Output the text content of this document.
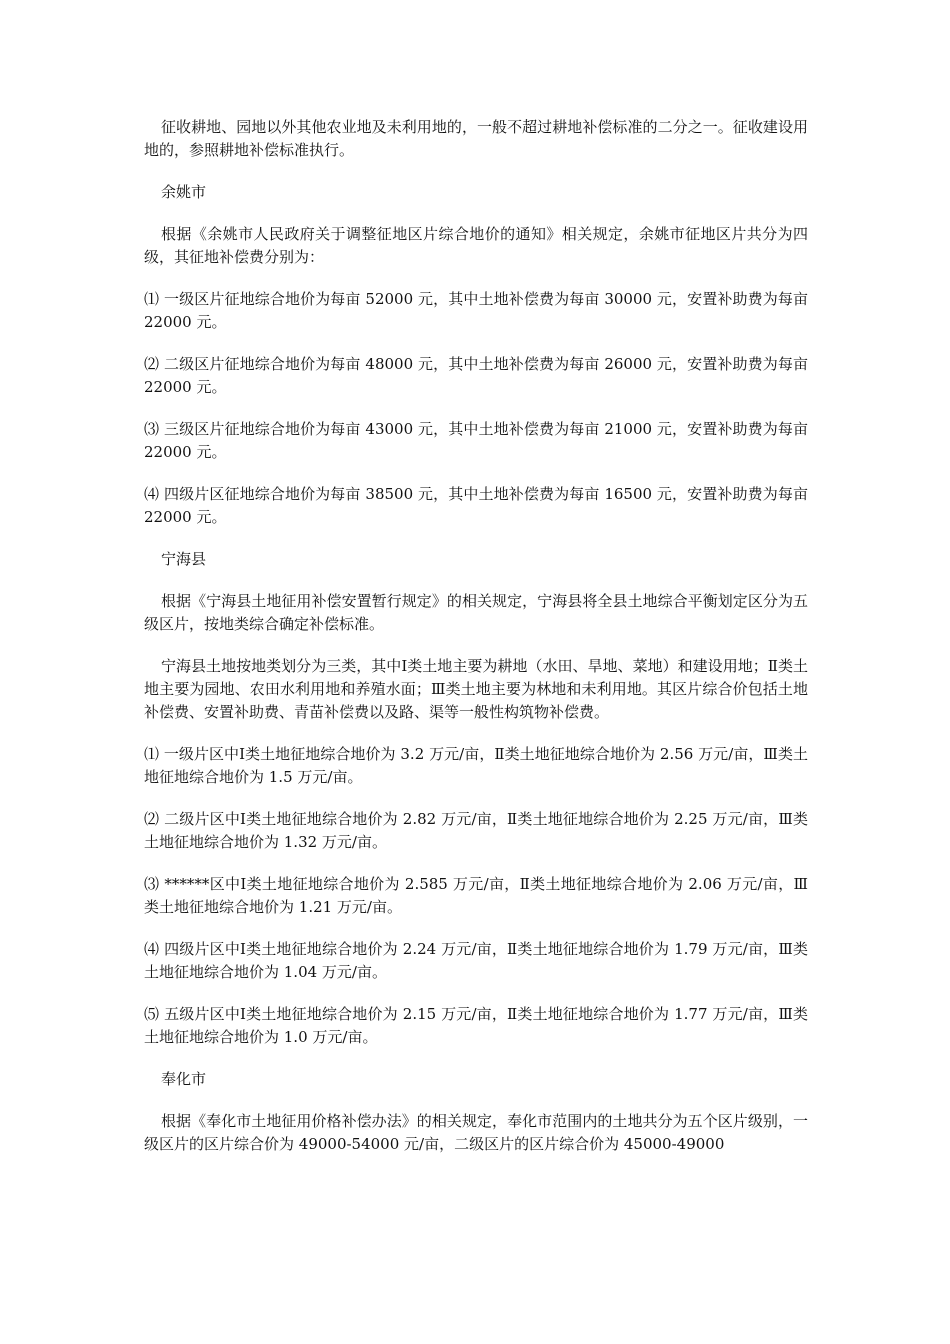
征收耕地、园地以外其他农业地及未利用地的，一般不超过耕地补偿标准的二分之一。征收建设用地的，参照耕地补偿标准执行。

余姚市

根据《余姚市人民政府关于调整征地区片综合地价的通知》相关规定，余姚市征地区片共分为四级，其征地补偿费分别为：

⑴ 一级区片征地综合地价为每亩 52000 元，其中土地补偿费为每亩 30000 元，安置补助费为每亩 22000 元。

⑵ 二级区片征地综合地价为每亩 48000 元，其中土地补偿费为每亩 26000 元，安置补助费为每亩 22000 元。

⑶ 三级区片征地综合地价为每亩 43000 元，其中土地补偿费为每亩 21000 元，安置补助费为每亩 22000 元。

⑷ 四级片区征地综合地价为每亩 38500 元，其中土地补偿费为每亩 16500 元，安置补助费为每亩 22000 元。

宁海县

根据《宁海县土地征用补偿安置暂行规定》的相关规定，宁海县将全县土地综合平衡划定区分为五级区片，按地类综合确定补偿标准。

宁海县土地按地类划分为三类，其中Ⅰ类土地主要为耕地（水田、旱地、菜地）和建设用地；Ⅱ类土地主要为园地、农田水利用地和养殖水面；Ⅲ类土地主要为林地和未利用地。其区片综合价包括土地补偿费、安置补助费、青苗补偿费以及路、渠等一般性构筑物补偿费。

⑴ 一级片区中Ⅰ类土地征地综合地价为 3.2 万元/亩，Ⅱ类土地征地综合地价为 2.56 万元/亩，Ⅲ类土地征地综合地价为 1.5 万元/亩。

⑵ 二级片区中Ⅰ类土地征地综合地价为 2.82 万元/亩，Ⅱ类土地征地综合地价为 2.25 万元/亩，Ⅲ类土地征地综合地价为 1.32 万元/亩。

⑶ ******区中Ⅰ类土地征地综合地价为 2.585 万元/亩，Ⅱ类土地征地综合地价为 2.06 万元/亩，Ⅲ类土地征地综合地价为 1.21 万元/亩。

⑷ 四级片区中Ⅰ类土地征地综合地价为 2.24 万元/亩，Ⅱ类土地征地综合地价为 1.79 万元/亩，Ⅲ类土地征地综合地价为 1.04 万元/亩。

⑸ 五级片区中Ⅰ类土地征地综合地价为 2.15 万元/亩，Ⅱ类土地征地综合地价为 1.77 万元/亩，Ⅲ类土地征地综合地价为 1.0 万元/亩。

奉化市

根据《奉化市土地征用价格补偿办法》的相关规定，奉化市范围内的土地共分为五个区片级别，一级区片的区片综合价为 49000-54000 元/亩，二级区片的区片综合价为 45000-49000
